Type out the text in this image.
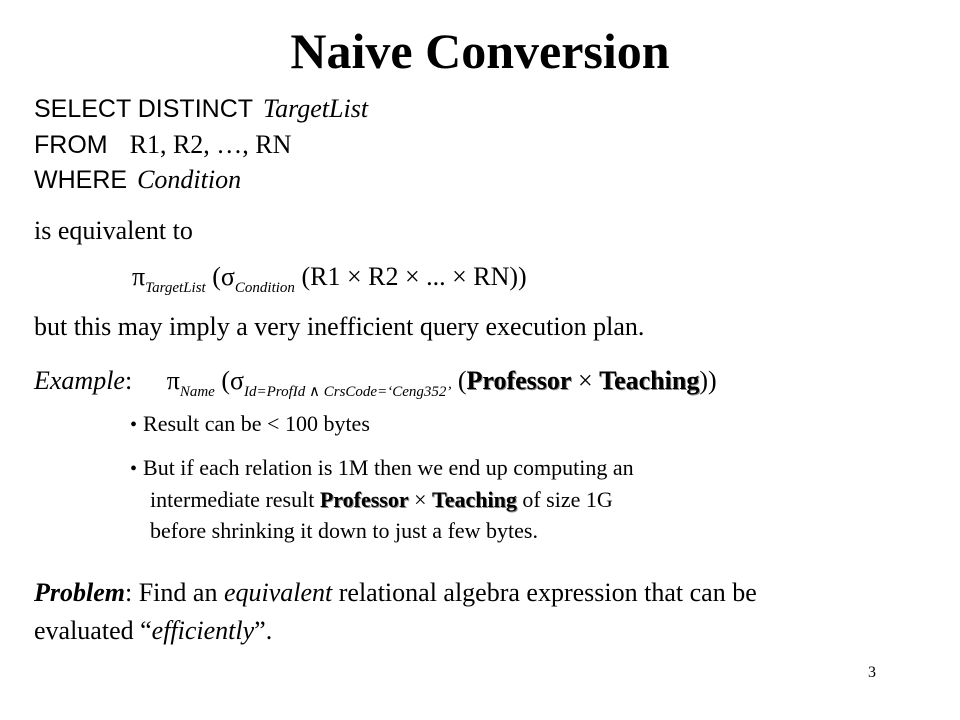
Naive Conversion
SELECT DISTINCT TargetList
FROM R1, R2, …, RN
WHERE Condition
is equivalent to
$\pi_{TargetList}$ ($\sigma_{Condition}$ (R1 × R2 × ... × RN))
but this may imply a very inefficient query execution plan.
Example: $\pi_{Name}$ ($\sigma_{Id=ProfId \wedge CrsCode=‘Ceng352’}$ (Professor × Teaching))
• Result can be < 100 bytes
• But if each relation is 1M then we end up computing an
intermediate result Professor × Teaching of size 1G
before shrinking it down to just a few bytes.
Problem: Find an equivalent relational algebra expression that can be
evaluated “efficiently”.
3
